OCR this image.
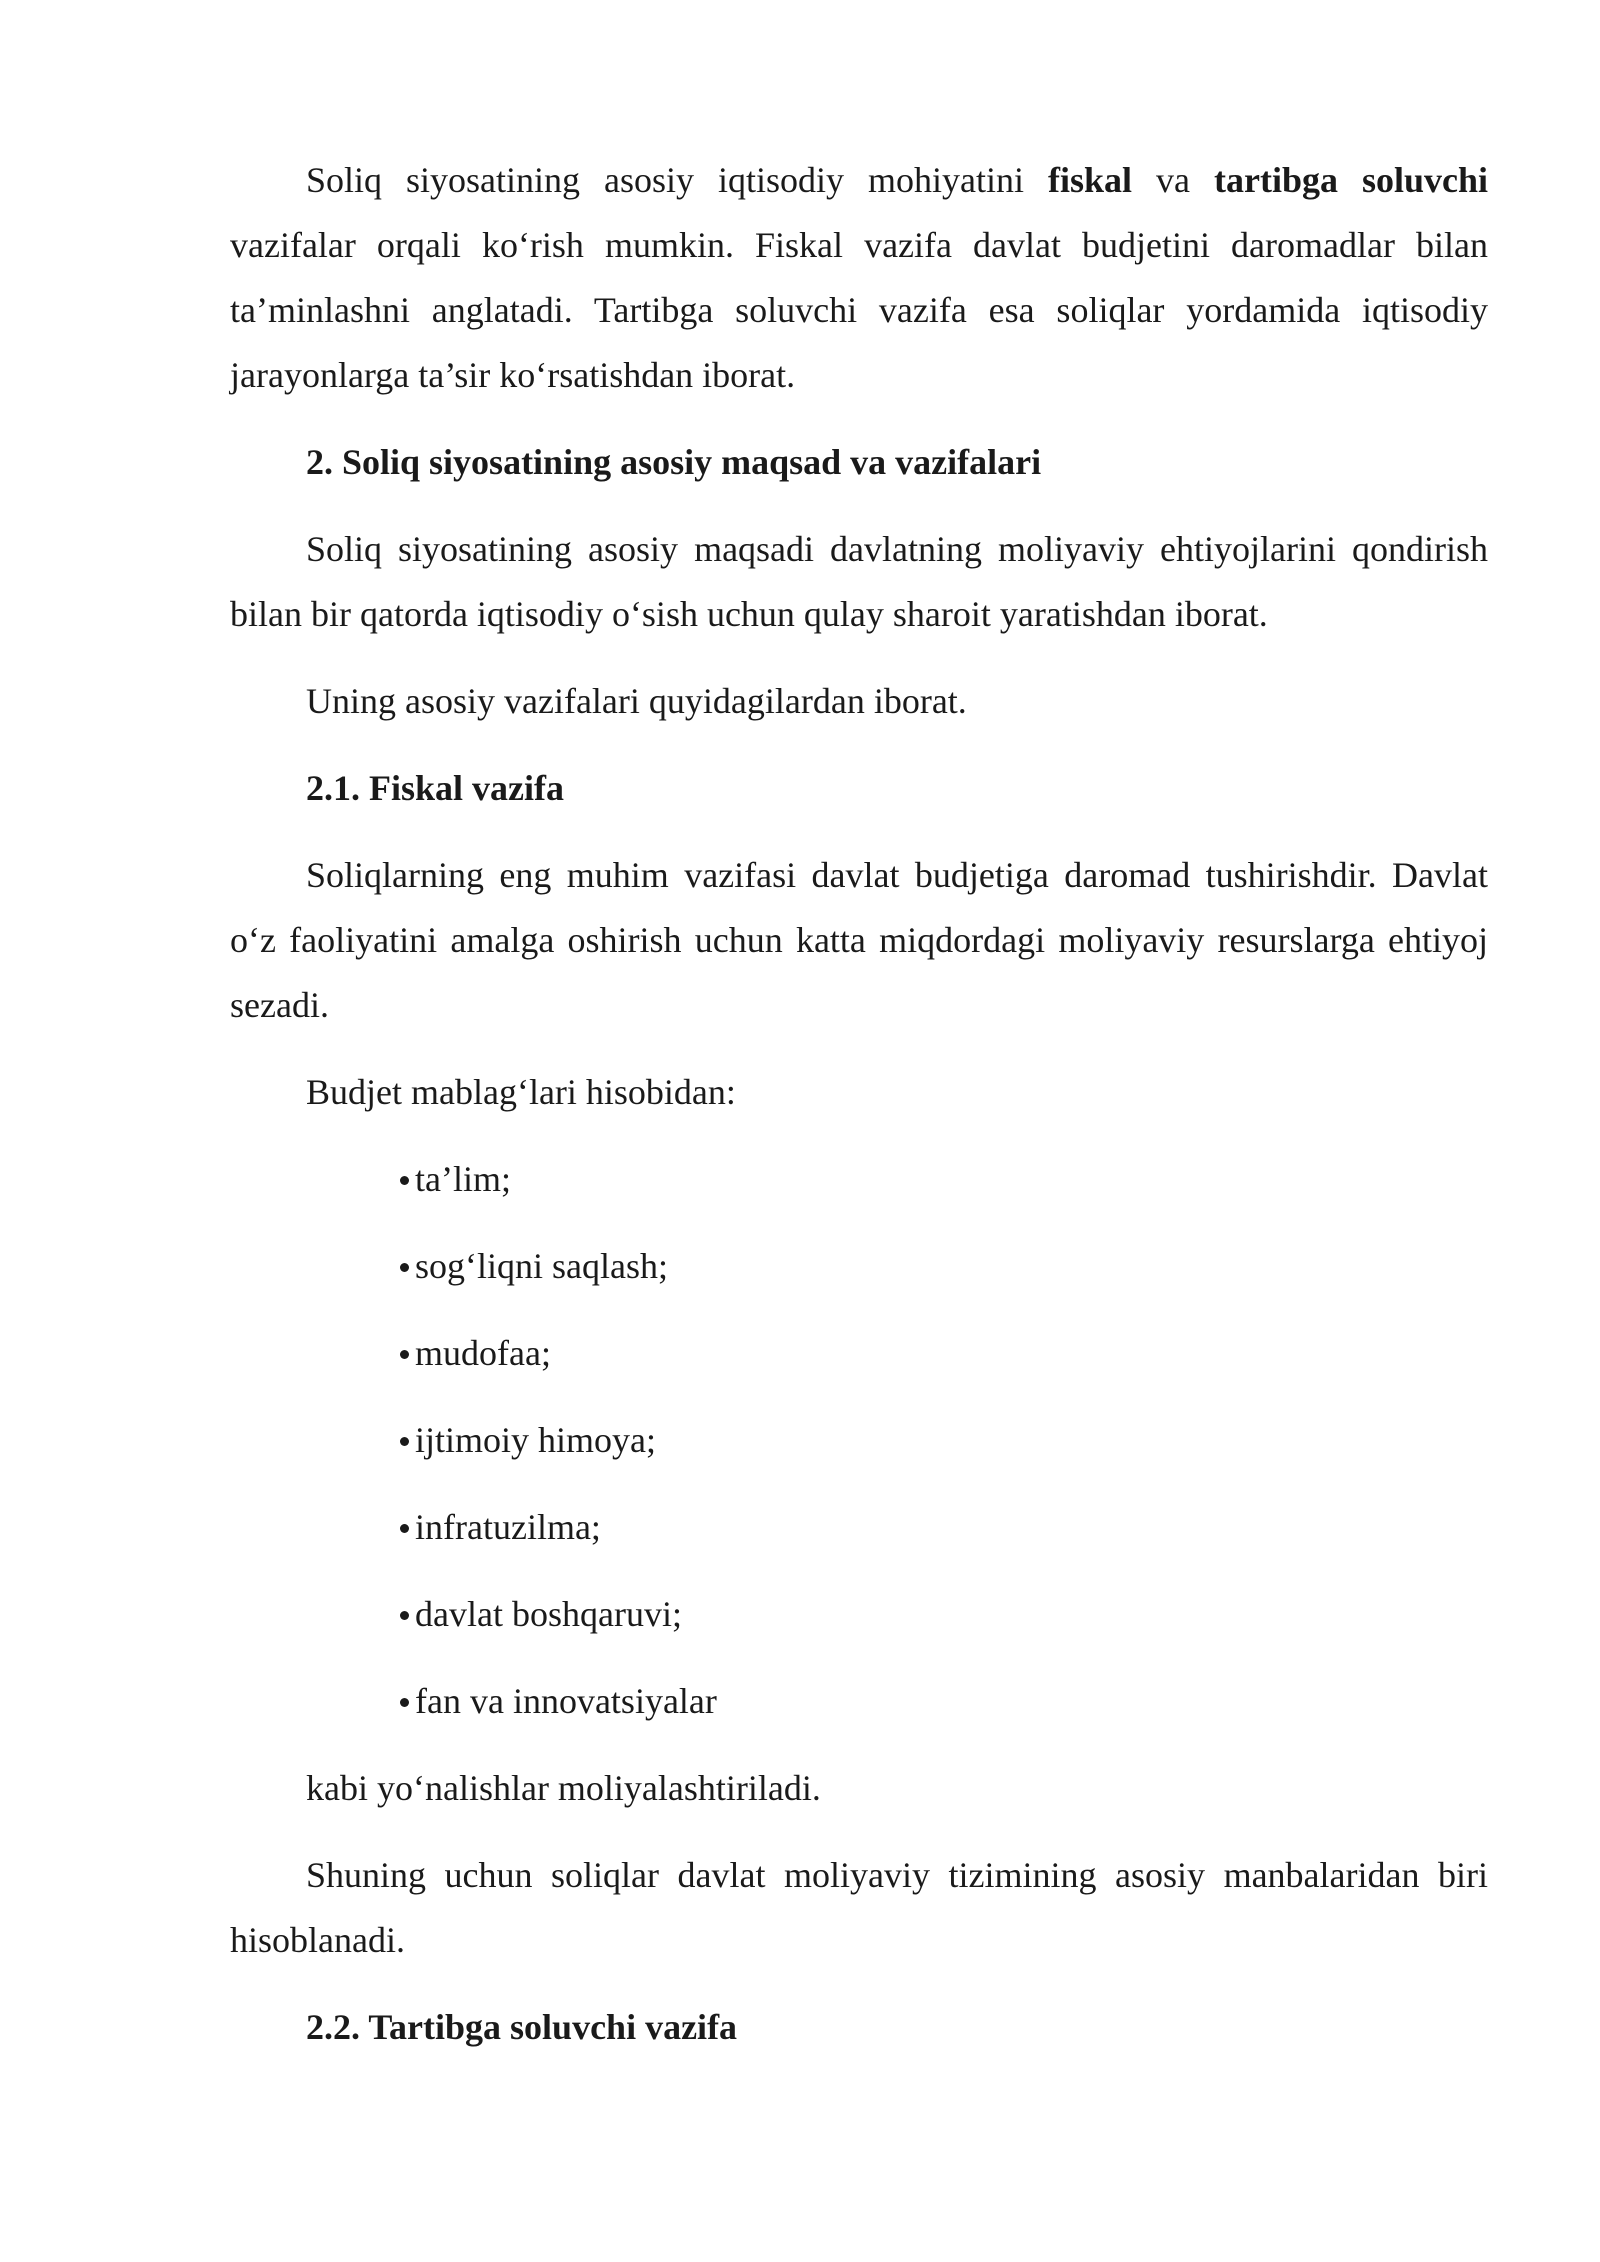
Soliq siyosatining asosiy iqtisodiy mohiyatini fiskal va tartibga soluvchi vazifalar orqali ko‘rish mumkin. Fiskal vazifa davlat budjetini daromadlar bilan ta’minlashni anglatadi. Tartibga soluvchi vazifa esa soliqlar yordamida iqtisodiy jarayonlarga ta’sir ko‘rsatishdan iborat.

2. Soliq siyosatining asosiy maqsad va vazifalari

Soliq siyosatining asosiy maqsadi davlatning moliyaviy ehtiyojlarini qondirish bilan bir qatorda iqtisodiy o‘sish uchun qulay sharoit yaratishdan iborat.

Uning asosiy vazifalari quyidagilardan iborat.

2.1. Fiskal vazifa

Soliqlarning eng muhim vazifasi davlat budjetiga daromad tushirishdir. Davlat o‘z faoliyatini amalga oshirish uchun katta miqdordagi moliyaviy resurslarga ehtiyoj sezadi.

Budjet mablag‘lari hisobidan:

ta’lim;
sog‘liqni saqlash;
mudofaa;
ijtimoiy himoya;
infratuzilma;
davlat boshqaruvi;
fan va innovatsiyalar

kabi yo‘nalishlar moliyalashtiriladi.

Shuning uchun soliqlar davlat moliyaviy tizimining asosiy manbalaridan biri hisoblanadi.

2.2. Tartibga soluvchi vazifa
